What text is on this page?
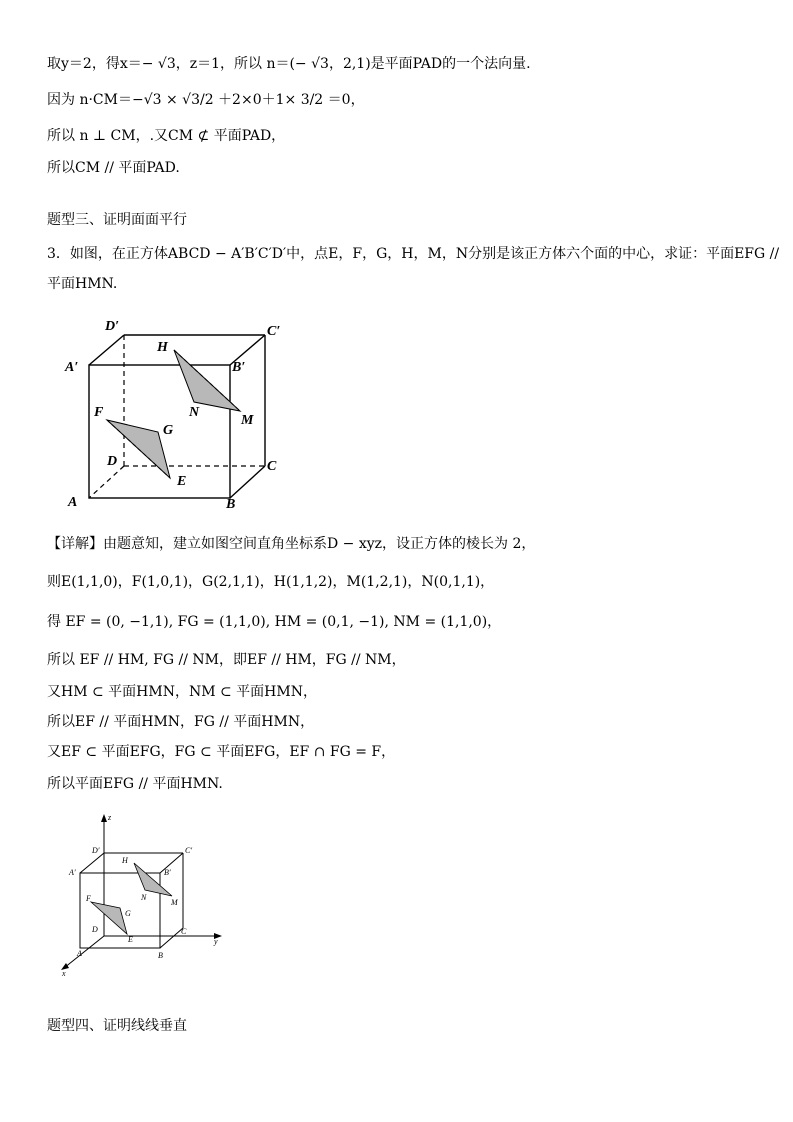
取y＝2，得x＝− √3，z＝1，所以 n＝(− √3，2,1)是平面PAD的一个法向量.
因为 n·CM＝−√3 × √3/2 ＋2×0＋1× 3/2 ＝0，
所以 n ⊥ CM，.又CM ⊄ 平面PAD，
所以CM // 平面PAD.
题型三、证明面面平行
3．如图，在正方体ABCD − A′B′C′D′中，点E，F，G，H，M，N分别是该正方体六个面的中心，求证：平面EFG //
平面HMN.
D′	C′
A′	B′
H
N
M
F
G
D	C
E
A	B
【详解】由题意知，建立如图空间直角坐标系D − xyz，设正方体的棱长为 2，
则E(1,1,0)，F(1,0,1)，G(2,1,1)，H(1,1,2)，M(1,2,1)，N(0,1,1)，
得 EF = (0, −1,1), FG = (1,1,0), HM = (0,1, −1), NM = (1,1,0)，
所以 EF // HM, FG // NM，即EF // HM，FG // NM，
又HM ⊂ 平面HMN，NM ⊂ 平面HMN，
所以EF // 平面HMN，FG // 平面HMN，
又EF ⊂ 平面EFG，FG ⊂ 平面EFG，EF ∩ FG = F，
所以平面EFG // 平面HMN.
z
y
x
D′	C′
A′	B′
H
N
M
F
G
D	C
E
A	B
题型四、证明线线垂直
